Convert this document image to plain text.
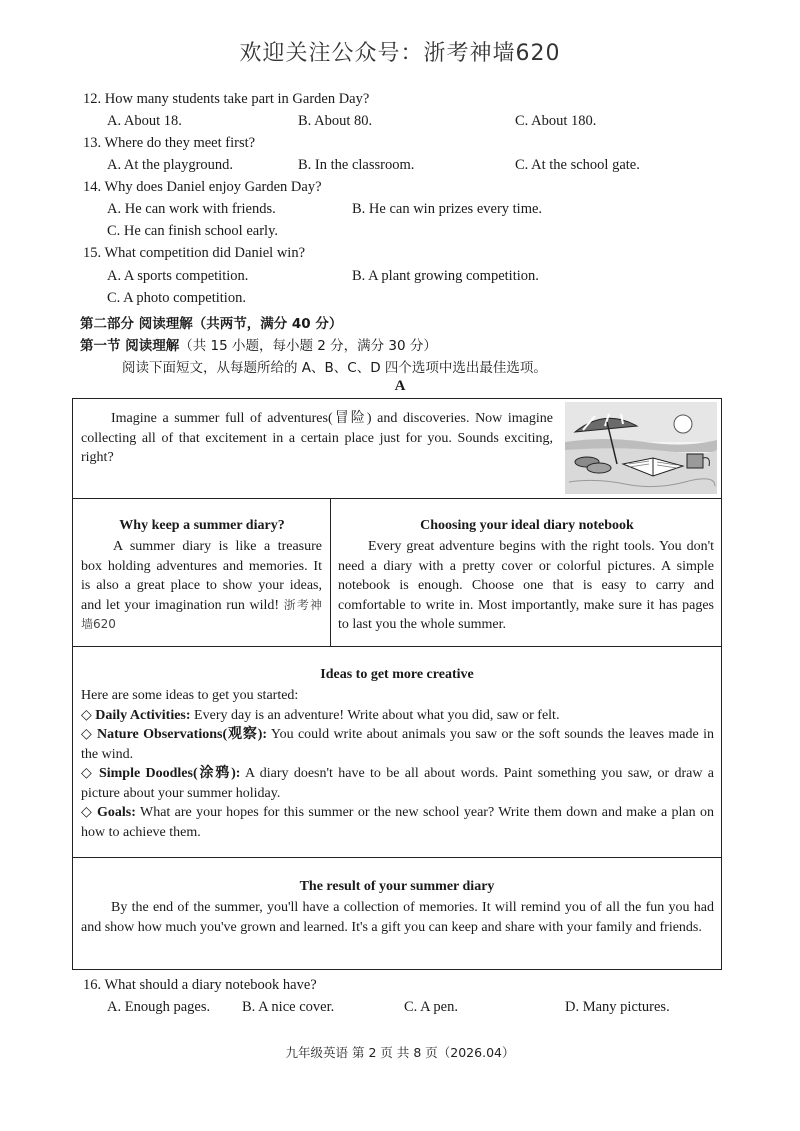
欢迎关注公众号：浙考神墙620
12. How many students take part in Garden Day?
A. About 18.	B. About 80.	C. About 180.
13. Where do they meet first?
A. At the playground.	B. In the classroom.	C. At the school gate.
14. Why does Daniel enjoy Garden Day?
A. He can work with friends.	B. He can win prizes every time.
C. He can finish school early.
15. What competition did Daniel win?
A. A sports competition.	B. A plant growing competition.
C. A photo competition.
第二部分 阅读理解（共两节，满分 40 分）
第一节 阅读理解（共 15 小题，每小题 2 分，满分 30 分）
阅读下面短文，从每题所给的 A、B、C、D 四个选项中选出最佳选项。
A
Imagine a summer full of adventures(冒险) and discoveries. Now imagine collecting all of that excitement in a certain place just for you. Sounds exciting, right?
Why keep a summer diary?
A summer diary is like a treasure box holding adventures and memories. It is also a great place to show your ideas, and let your imagination run wild! 浙考神墙620
Choosing your ideal diary notebook
Every great adventure begins with the right tools. You don't need a diary with a pretty cover or colorful pictures. A simple notebook is enough. Choose one that is easy to carry and comfortable to write in. Most importantly, make sure it has pages to last you the whole summer.
Ideas to get more creative

Here are some ideas to get you started:

◇ Daily Activities: Every day is an adventure! Write about what you did, saw or felt.

◇ Nature Observations(观察): You could write about animals you saw or the soft sounds the leaves made in the wind.

◇ Simple Doodles(涂鸦): A diary doesn't have to be all about words. Paint something you saw, or draw a picture about your summer holiday.

◇ Goals: What are your hopes for this summer or the new school year? Write them down and make a plan on how to achieve them.

The result of your summer diary
By the end of the summer, you'll have a collection of memories. It will remind you of all the fun you had and show how much you've grown and learned. It's a gift you can keep and share with your family and friends.
16. What should a diary notebook have?
A. Enough pages. B. A nice cover.	C. A pen.	D. Many pictures.
九年级英语 第 2 页 共 8 页（2026.04）
